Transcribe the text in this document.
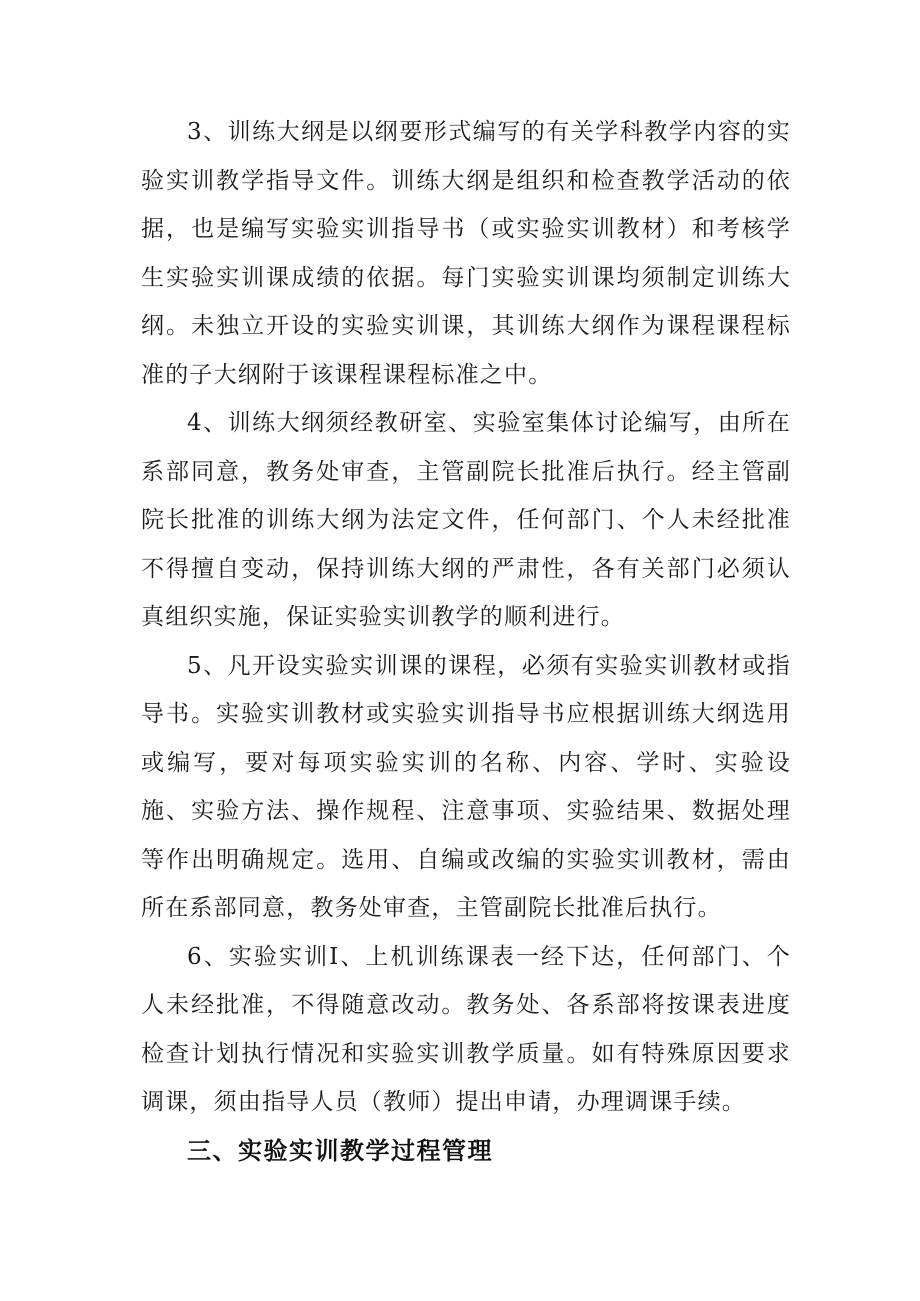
3、训练大纲是以纲要形式编写的有关学科教学内容的实验实训教学指导文件。训练大纲是组织和检查教学活动的依据，也是编写实验实训指导书（或实验实训教材）和考核学生实验实训课成绩的依据。每门实验实训课均须制定训练大纲。未独立开设的实验实训课，其训练大纲作为课程课程标准的子大纲附于该课程课程标准之中。

4、训练大纲须经教研室、实验室集体讨论编写，由所在系部同意，教务处审查，主管副院长批准后执行。经主管副院长批准的训练大纲为法定文件，任何部门、个人未经批准不得擅自变动，保持训练大纲的严肃性，各有关部门必须认真组织实施，保证实验实训教学的顺利进行。

5、凡开设实验实训课的课程，必须有实验实训教材或指导书。实验实训教材或实验实训指导书应根据训练大纲选用或编写，要对每项实验实训的名称、内容、学时、实验设施、实验方法、操作规程、注意事项、实验结果、数据处理等作出明确规定。选用、自编或改编的实验实训教材，需由所在系部同意，教务处审查，主管副院长批准后执行。

6、实验实训I、上机训练课表一经下达，任何部门、个人未经批准，不得随意改动。教务处、各系部将按课表进度检查计划执行情况和实验实训教学质量。如有特殊原因要求调课，须由指导人员（教师）提出申请，办理调课手续。

三、实验实训教学过程管理
